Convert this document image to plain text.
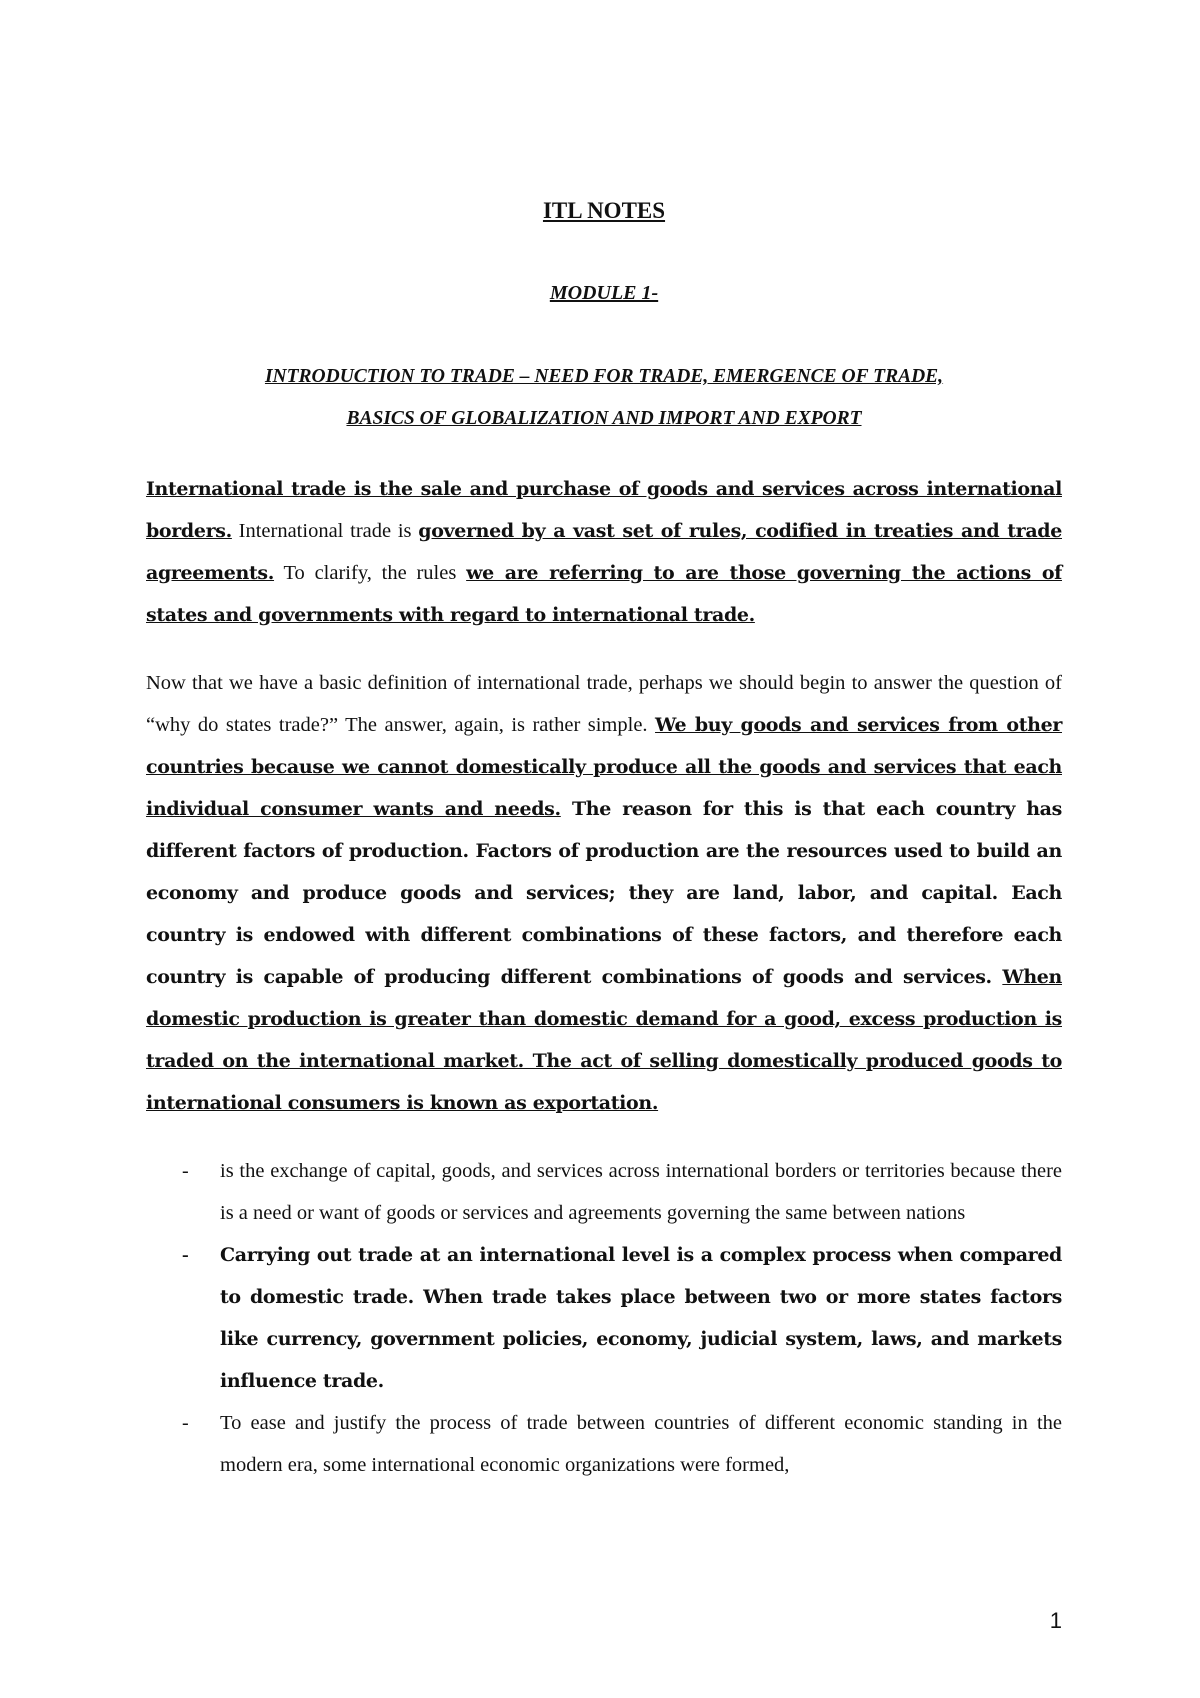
ITL NOTES
MODULE 1-
INTRODUCTION TO TRADE – NEED FOR TRADE, EMERGENCE OF TRADE,
BASICS OF GLOBALIZATION AND IMPORT AND EXPORT

International trade is the sale and purchase of goods and services across international borders. International trade is governed by a vast set of rules, codified in treaties and trade agreements. To clarify, the rules we are referring to are those governing the actions of states and governments with regard to international trade.

Now that we have a basic definition of international trade, perhaps we should begin to answer the question of “why do states trade?” The answer, again, is rather simple. We buy goods and services from other countries because we cannot domestically produce all the goods and services that each individual consumer wants and needs. The reason for this is that each country has different factors of production. Factors of production are the resources used to build an economy and produce goods and services; they are land, labor, and capital. Each country is endowed with different combinations of these factors, and therefore each country is capable of producing different combinations of goods and services. When domestic production is greater than domestic demand for a good, excess production is traded on the international market. The act of selling domestically produced goods to international consumers is known as exportation.

- is the exchange of capital, goods, and services across international borders or territories because there is a need or want of goods or services and agreements governing the same between nations
- Carrying out trade at an international level is a complex process when compared to domestic trade. When trade takes place between two or more states factors like currency, government policies, economy, judicial system, laws, and markets influence trade.
- To ease and justify the process of trade between countries of different economic standing in the modern era, some international economic organizations were formed,
1
